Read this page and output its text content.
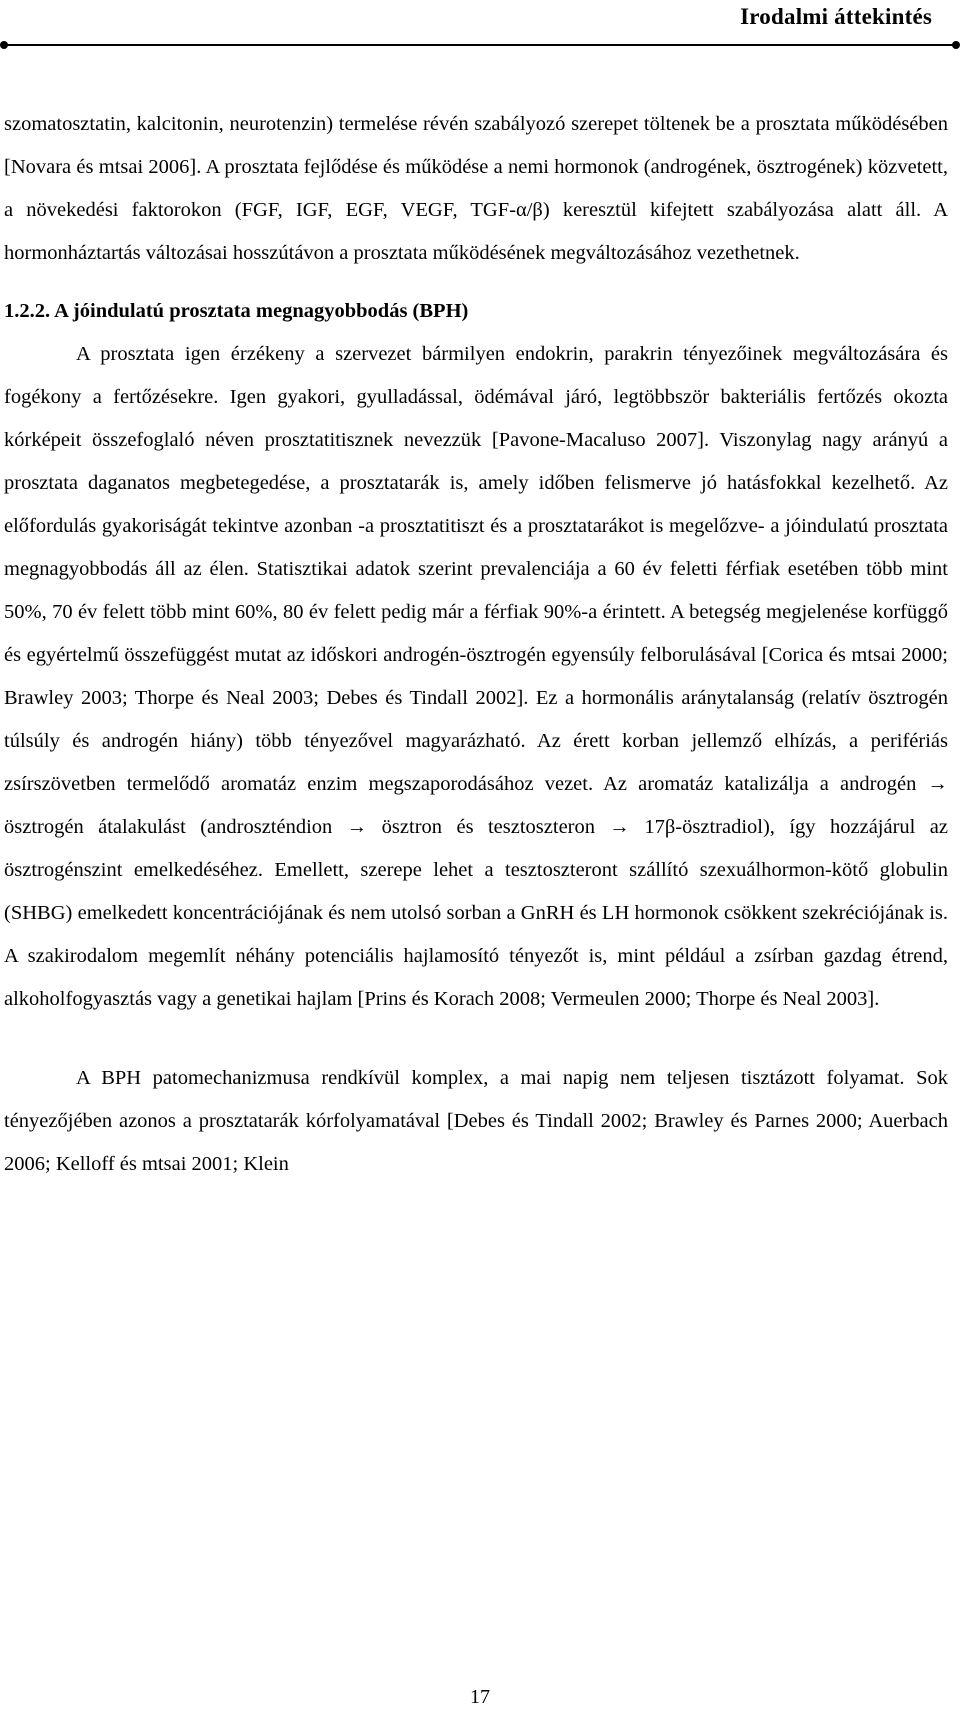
Irodalmi áttekintés

szomatosztatin, kalcitonin, neurotenzin) termelése révén szabályozó szerepet töltenek be a prosztata működésében [Novara és mtsai 2006]. A prosztata fejlődése és működése a nemi hormonok (androgének, ösztrogének) közvetett, a növekedési faktorokon (FGF, IGF, EGF, VEGF, TGF-α/β) keresztül kifejtett szabályozása alatt áll. A hormonháztartás változásai hosszútávon a prosztata működésének megváltozásához vezethetnek.

1.2.2. A jóindulatú prosztata megnagyobbodás (BPH)

A prosztata igen érzékeny a szervezet bármilyen endokrin, parakrin tényezőinek megváltozására és fogékony a fertőzésekre. Igen gyakori, gyulladással, ödémával járó, legtöbbször bakteriális fertőzés okozta kórképeit összefoglaló néven prosztatitisznek nevezzük [Pavone-Macaluso 2007]. Viszonylag nagy arányú a prosztata daganatos megbetegedése, a prosztatarák is, amely időben felismerve jó hatásfokkal kezelhető. Az előfordulás gyakoriságát tekintve azonban -a prosztatitiszt és a prosztatarákot is megelőzve- a jóindulatú prosztata megnagyobbodás áll az élen. Statisztikai adatok szerint prevalenciája a 60 év feletti férfiak esetében több mint 50%, 70 év felett több mint 60%, 80 év felett pedig már a férfiak 90%-a érintett. A betegség megjelenése korfüggő és egyértelmű összefüggést mutat az időskori androgén-ösztrogén egyensúly felborulásával [Corica és mtsai 2000; Brawley 2003; Thorpe és Neal 2003; Debes és Tindall 2002]. Ez a hormonális aránytalanság (relatív ösztrogén túlsúly és androgén hiány) több tényezővel magyarázható. Az érett korban jellemző elhízás, a perifériás zsírszövetben termelődő aromatáz enzim megszaporodásához vezet. Az aromatáz katalizálja a androgén → ösztrogén átalakulást (androszténdion → ösztron és tesztoszteron → 17β-ösztradiol), így hozzájárul az ösztrogénszint emelkedéséhez. Emellett, szerepe lehet a tesztoszteront szállító szexuálhormon-kötő globulin (SHBG) emelkedett koncentrációjának és nem utolsó sorban a GnRH és LH hormonok csökkent szekréciójának is. A szakirodalom megemlít néhány potenciális hajlamosító tényezőt is, mint például a zsírban gazdag étrend, alkoholfogyasztás vagy a genetikai hajlam [Prins és Korach 2008; Vermeulen 2000; Thorpe és Neal 2003].

A BPH patomechanizmusa rendkívül komplex, a mai napig nem teljesen tisztázott folyamat. Sok tényezőjében azonos a prosztatarák kórfolyamatával [Debes és Tindall 2002; Brawley és Parnes 2000; Auerbach 2006; Kelloff és mtsai 2001; Klein

17
